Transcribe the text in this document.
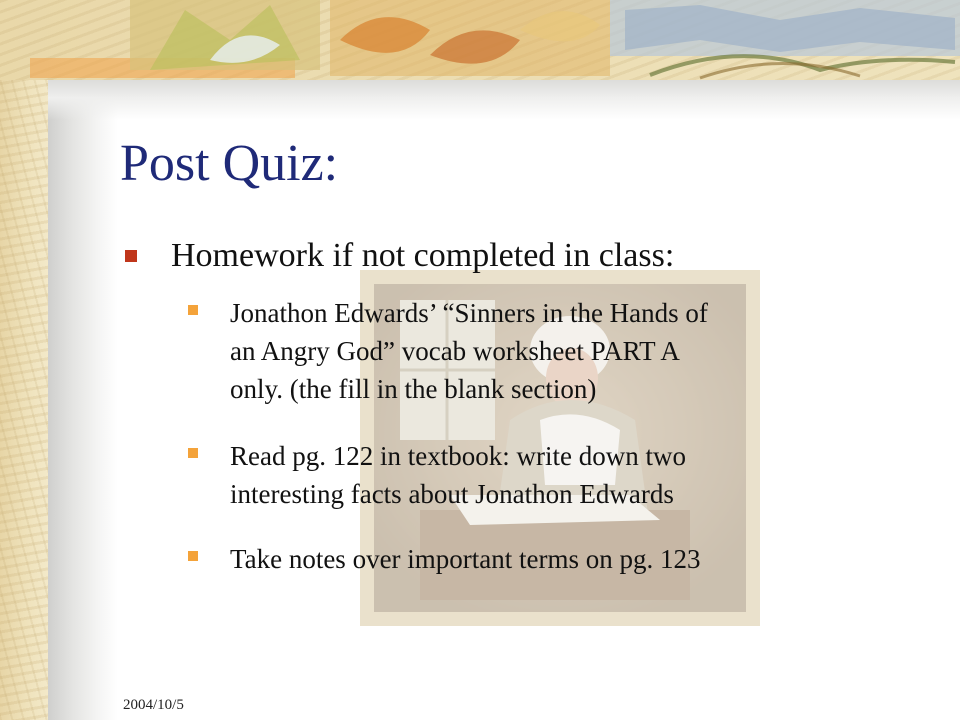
Post Quiz:
Homework if not completed in class:
Jonathon Edwards’ “Sinners in the Hands of
an Angry God” vocab worksheet PART A
only. (the fill in the blank section)
Read pg. 122 in textbook: write down two
interesting facts about Jonathon Edwards
Take notes over important terms on pg. 123
2004/10/5
